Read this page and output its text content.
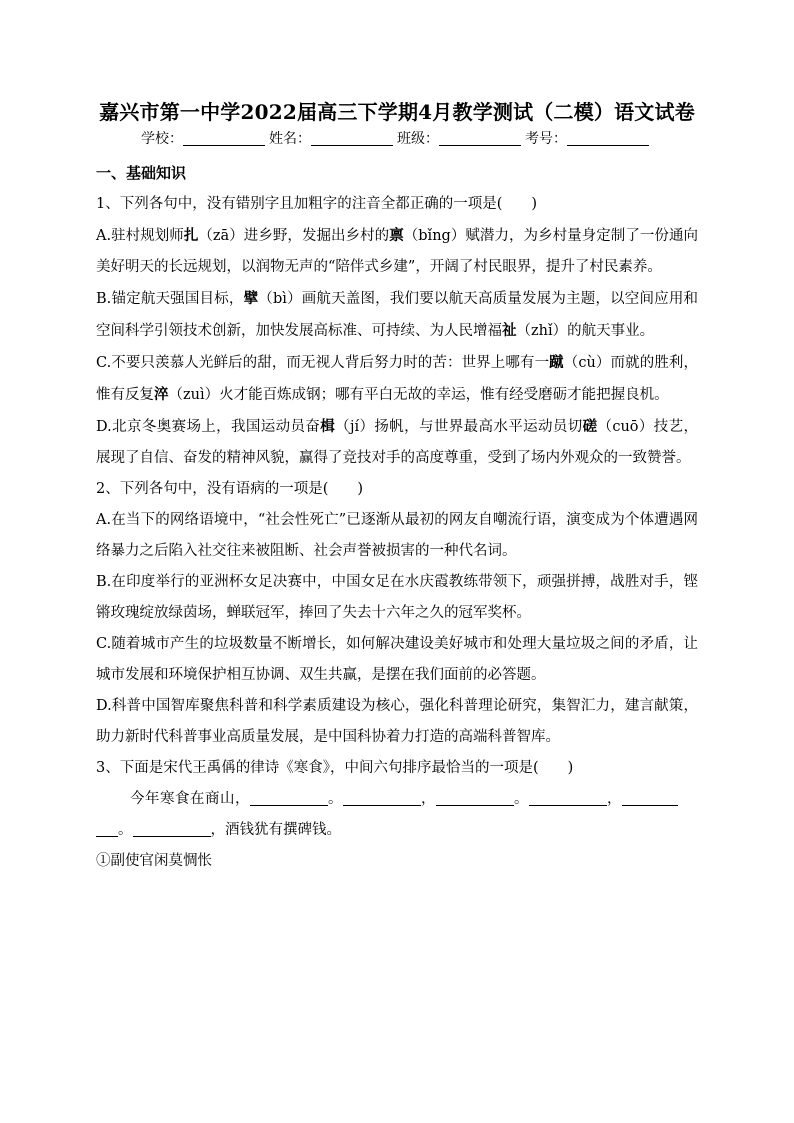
嘉兴市第一中学2022届高三下学期4月教学测试（二模）语文试卷

学校：	姓名：	班级：	考号：

一、基础知识

1、下列各句中，没有错别字且加粗字的注音全都正确的一项是(　　)

A.驻村规划师扎（zā）进乡野，发掘出乡村的禀（bǐng）赋潜力，为乡村量身定制了一份通向美好明天的长远规划，以润物无声的“陪伴式乡建”，开阔了村民眼界，提升了村民素养。

B.锚定航天强国目标，擘（bì）画航天盖图，我们要以航天高质量发展为主题，以空间应用和空间科学引领技术创新，加快发展高标准、可持续、为人民增福祉（zhǐ）的航天事业。

C.不要只羡慕人光鲜后的甜，而无视人背后努力时的苦：世界上哪有一蹴（cù）而就的胜利，惟有反复淬（zuì）火才能百炼成钢；哪有平白无故的幸运，惟有经受磨砺才能把握良机。

D.北京冬奥赛场上，我国运动员奋楫（jí）扬帆，与世界最高水平运动员切磋（cuō）技艺，展现了自信、奋发的精神风貌，赢得了竞技对手的高度尊重，受到了场内外观众的一致赞誉。

2、下列各句中，没有语病的一项是(　　)

A.在当下的网络语境中，“社会性死亡”已逐渐从最初的网友自嘲流行语，演变成为个体遭遇网络暴力之后陷入社交往来被阻断、社会声誉被损害的一种代名词。

B.在印度举行的亚洲杯女足决赛中，中国女足在水庆霞教练带领下，顽强拼搏，战胜对手，铿锵玫瑰绽放绿茵场，蝉联冠军，捧回了失去十六年之久的冠军奖杯。

C.随着城市产生的垃圾数量不断增长，如何解决建设美好城市和处理大量垃圾之间的矛盾，让城市发展和环境保护相互协调、双生共赢，是摆在我们面前的必答题。

D.科普中国智库聚焦科普和科学素质建设为核心，强化科普理论研究，集智汇力，建言献策，助力新时代科普事业高质量发展，是中国科协着力打造的高端科普智库。

3、下面是宋代王禹偁的律诗《寒食》，中间六句排序最恰当的一项是(　　)

今年寒食在商山，	。	，	。	，

。	，酒钱犹有撰碑钱。

①副使官闲莫惆怅
